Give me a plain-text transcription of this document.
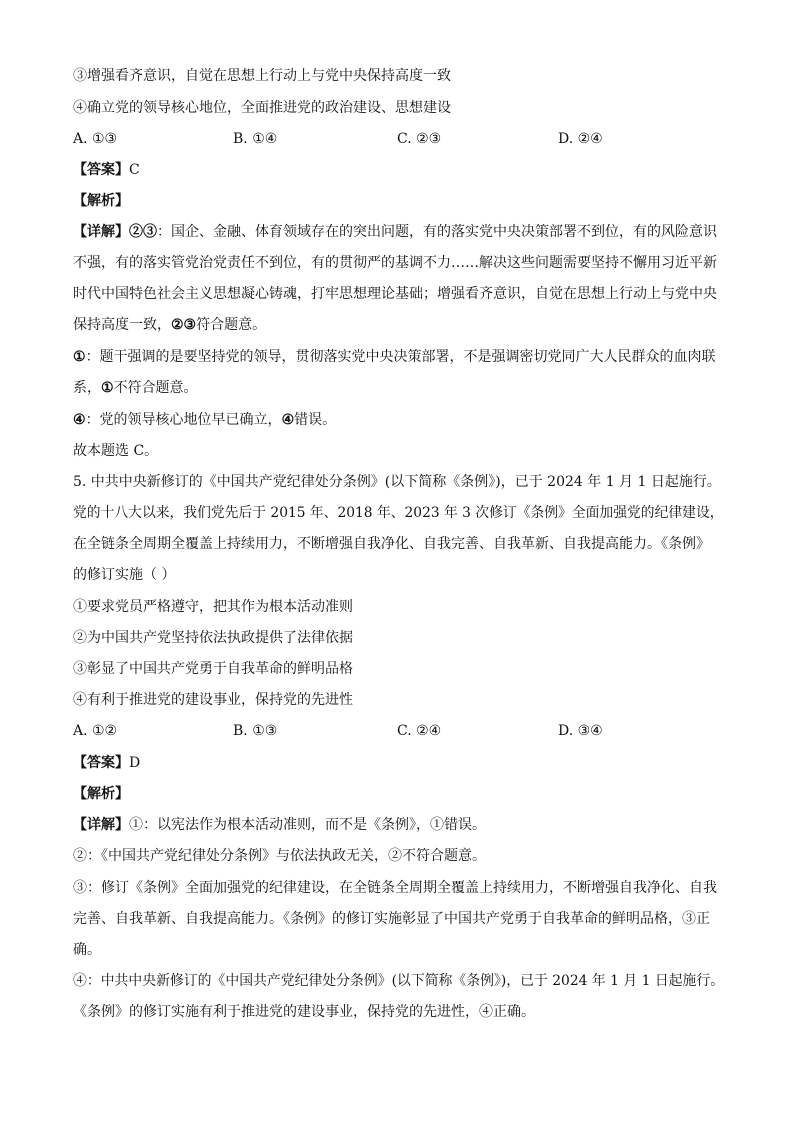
③增强看齐意识，自觉在思想上行动上与党中央保持高度一致
④确立党的领导核心地位，全面推进党的政治建设、思想建设
A. ①③	B. ①④	C. ②③	D. ②④
【答案】C
【解析】
【详解】②③：国企、金融、体育领域存在的突出问题，有的落实党中央决策部署不到位，有的风险意识
不强，有的落实管党治党责任不到位，有的贯彻严的基调不力……解决这些问题需要坚持不懈用习近平新
时代中国特色社会主义思想凝心铸魂，打牢思想理论基础；增强看齐意识，自觉在思想上行动上与党中央
保持高度一致，②③符合题意。
①：题干强调的是要坚持党的领导，贯彻落实党中央决策部署，不是强调密切党同广大人民群众的血肉联
系，①不符合题意。
④：党的领导核心地位早已确立，④错误。
故本题选 C。
5. 中共中央新修订的《中国共产党纪律处分条例》(以下简称《条例》)，已于 2024 年 1 月 1 日起施行。
党的十八大以来，我们党先后于 2015 年、2018 年、2023 年 3 次修订《条例》全面加强党的纪律建设，
在全链条全周期全覆盖上持续用力，不断增强自我净化、自我完善、自我革新、自我提高能力。《条例》
的修订实施（ ）
①要求党员严格遵守，把其作为根本活动准则
②为中国共产党坚持依法执政提供了法律依据
③彰显了中国共产党勇于自我革命的鲜明品格
④有利于推进党的建设事业，保持党的先进性
A. ①②	B. ①③	C. ②④	D. ③④
【答案】D
【解析】
【详解】①：以宪法作为根本活动准则，而不是《条例》，①错误。
②：《中国共产党纪律处分条例》与依法执政无关，②不符合题意。
③：修订《条例》全面加强党的纪律建设，在全链条全周期全覆盖上持续用力，不断增强自我净化、自我
完善、自我革新、自我提高能力。《条例》的修订实施彰显了中国共产党勇于自我革命的鲜明品格，③正
确。
④：中共中央新修订的《中国共产党纪律处分条例》(以下简称《条例》)，已于 2024 年 1 月 1 日起施行。
《条例》的修订实施有利于推进党的建设事业，保持党的先进性，④正确。
